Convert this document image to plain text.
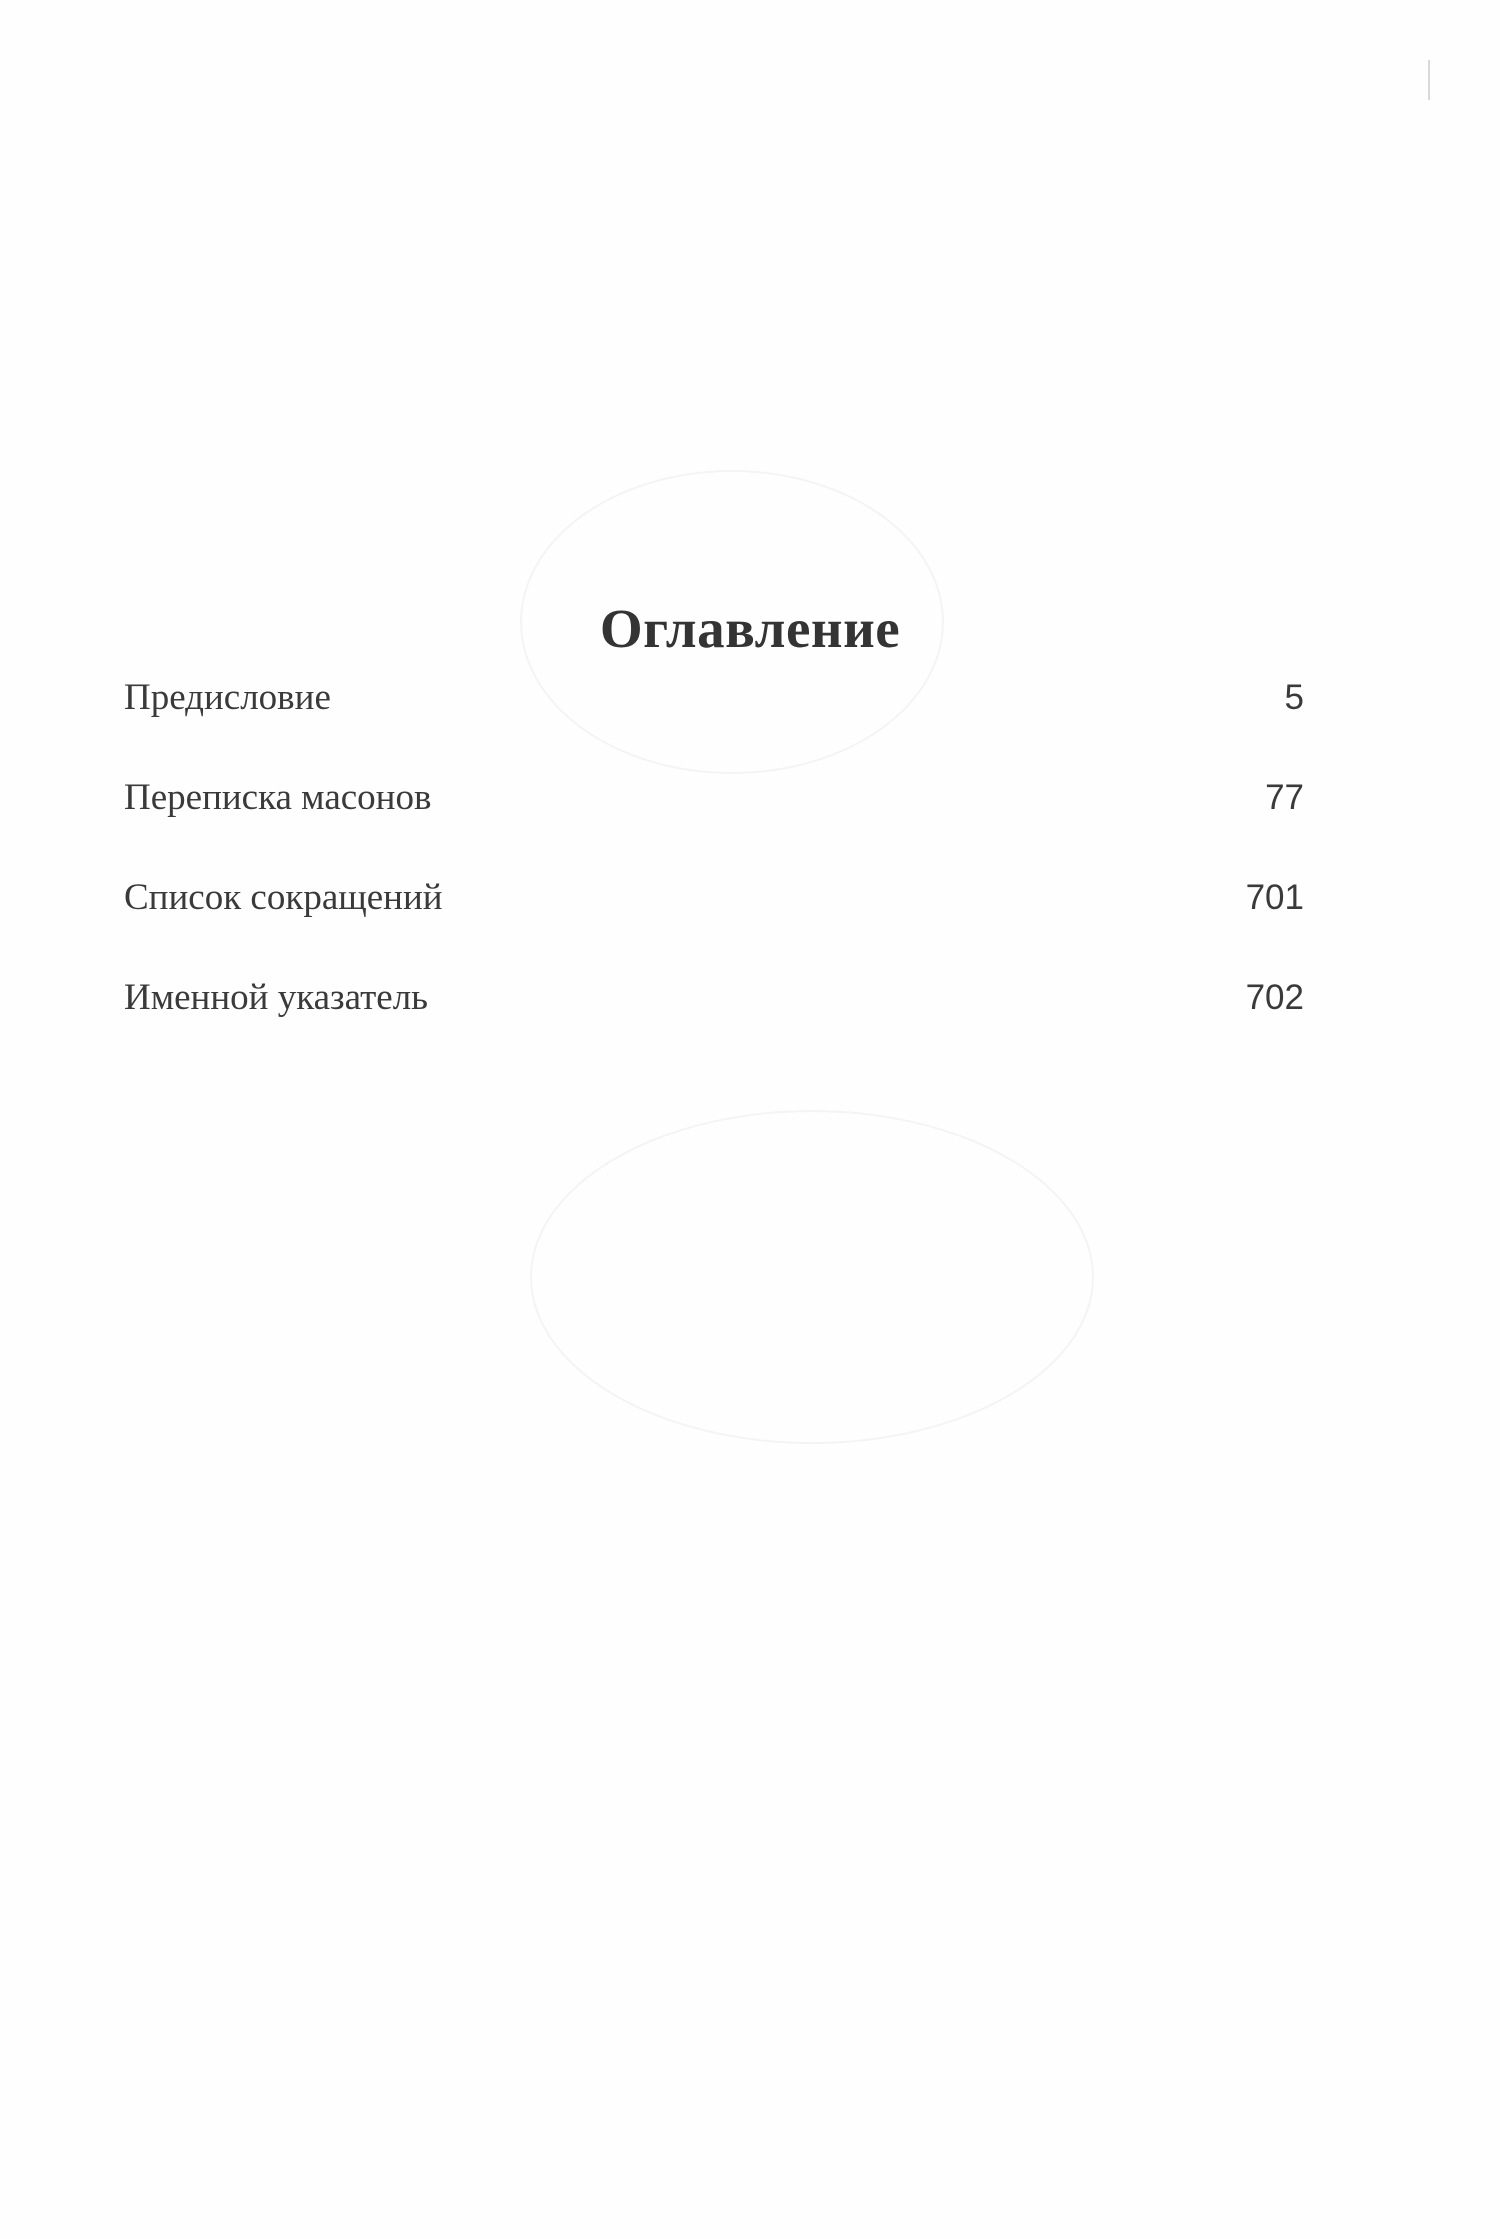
Оглавление
Предисловие	5
Переписка масонов	77
Список сокращений	701
Именной указатель	702
